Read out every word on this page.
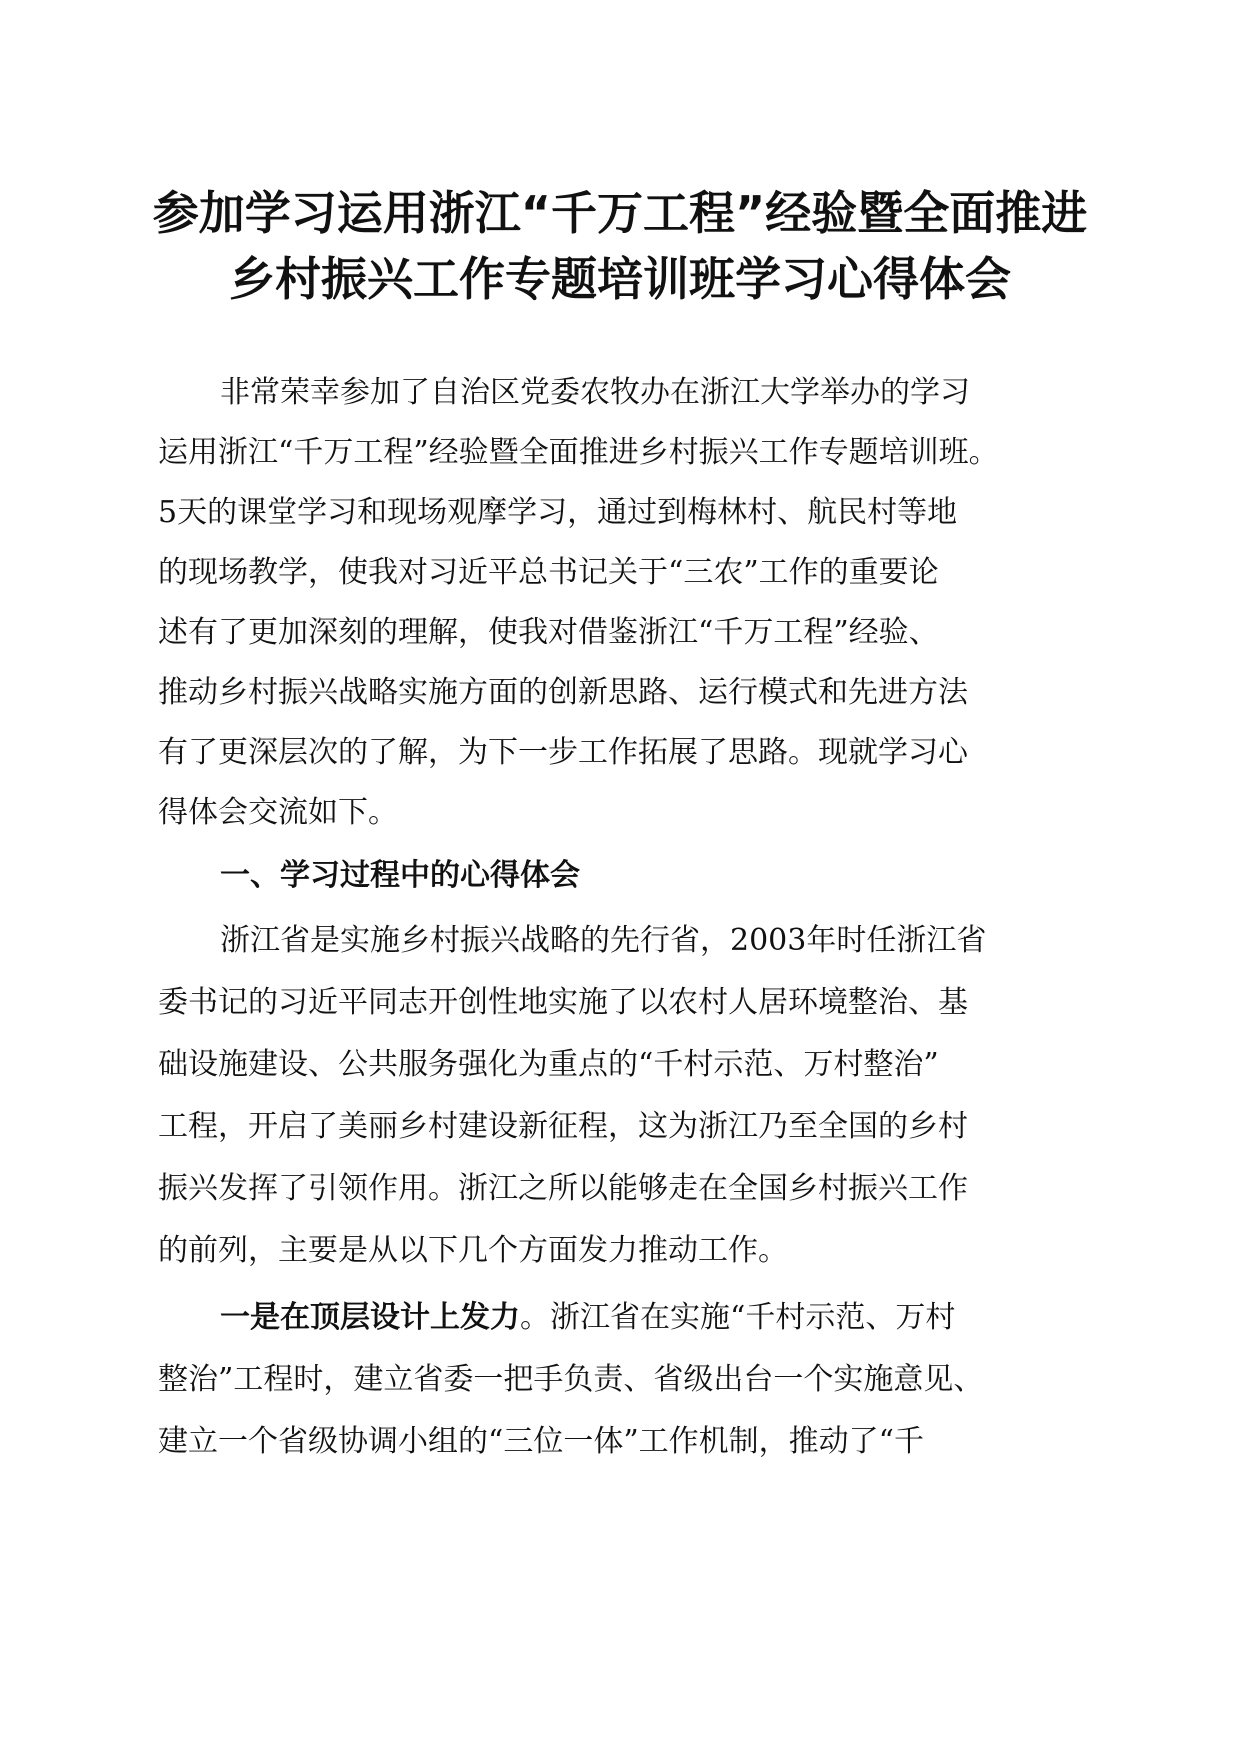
参加学习运用浙江“千万工程”经验暨全面推进
乡村振兴工作专题培训班学习心得体会
非常荣幸参加了自治区党委农牧办在浙江大学举办的学习
运用浙江“千万工程”经验暨全面推进乡村振兴工作专题培训班。
5天的课堂学习和现场观摩学习，通过到梅林村、航民村等地
的现场教学，使我对习近平总书记关于“三农”工作的重要论
述有了更加深刻的理解，使我对借鉴浙江“千万工程”经验、
推动乡村振兴战略实施方面的创新思路、运行模式和先进方法
有了更深层次的了解，为下一步工作拓展了思路。现就学习心
得体会交流如下。
一、学习过程中的心得体会
浙江省是实施乡村振兴战略的先行省，2003年时任浙江省
委书记的习近平同志开创性地实施了以农村人居环境整治、基
础设施建设、公共服务强化为重点的“千村示范、万村整治”
工程，开启了美丽乡村建设新征程，这为浙江乃至全国的乡村
振兴发挥了引领作用。浙江之所以能够走在全国乡村振兴工作
的前列，主要是从以下几个方面发力推动工作。
一是在顶层设计上发力。浙江省在实施“千村示范、万村
整治”工程时，建立省委一把手负责、省级出台一个实施意见、
建立一个省级协调小组的“三位一体”工作机制，推动了“千
